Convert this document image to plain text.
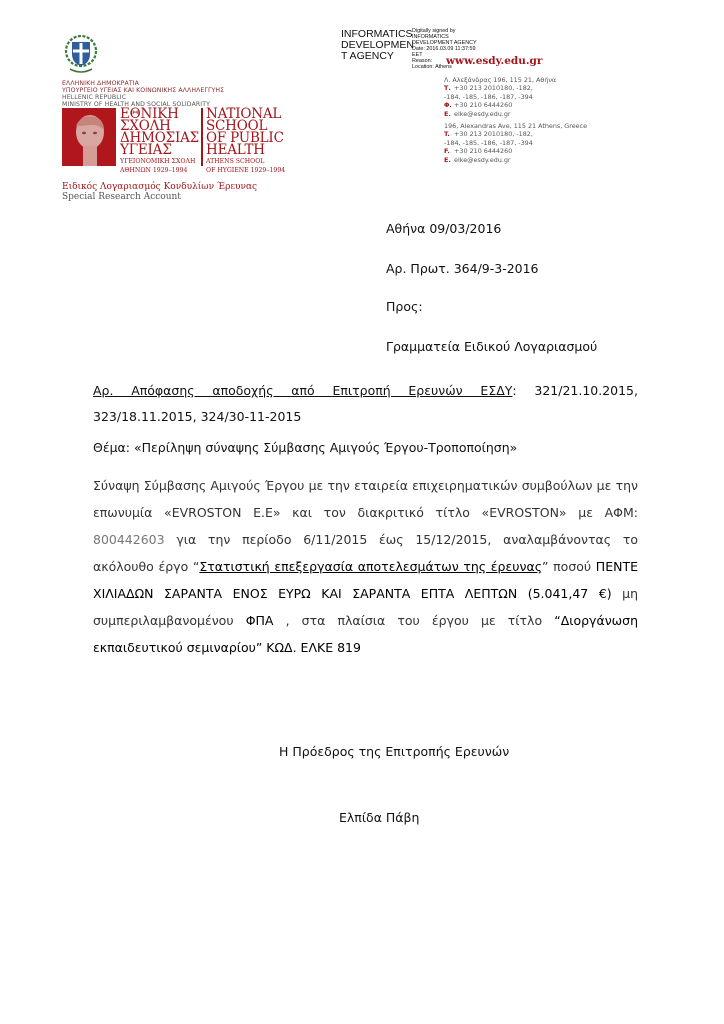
ΕΛΛΗΝΙΚΗ ΔΗΜΟΚΡΑΤΙΑ
ΥΠΟΥΡΓΕΙΟ ΥΓΕΙΑΣ ΚΑΙ ΚΟΙΝΩΝΙΚΗΣ ΑΛΛΗΛΕΓΓΥΗΣ
HELLENIC REPUBLIC
MINISTRY OF HEALTH AND SOCIAL SOLIDARITY
ΕΘΝΙΚΗ
ΣΧΟΛΗ
ΔΗΜΟΣΙΑΣ
ΥΓΕΙΑΣ
ΥΓΕΙΟΝΟΜΙΚΗ ΣΧΟΛΗ
ΑΘΗΝΩΝ 1929–1994
NATIONAL
SCHOOL
OF PUBLIC
HEALTH
ATHENS SCHOOL
OF HYGIENE 1929–1994
Ειδικός Λογαριασμός Κονδυλίων Έρευνας
Special Research Account
INFORMATICS
DEVELOPMEN
T AGENCY
Digitally signed by
INFORMATICS
DEVELOPMENT AGENCY
Date: 2016.03.09 11:37:59
EET
Reason:
Location: Athens
www.esdy.edu.gr
Λ. Αλεξάνδρας 196, 115 21, Αθήνα
Τ. +30 213 2010180, -182,
-184, -185, -186, -187, -394
Φ. +30 210 6444260
Ε. elke@esdy.edu.gr
196, Alexandras Ave, 115 21 Athens, Greece
T. +30 213 2010180, -182,
-184, -185, -186, -187, -394
F. +30 210 6444260
E. elke@esdy.edu.gr
Αθήνα 09/03/2016
Αρ. Πρωτ. 364/9-3-2016
Προς:
Γραμματεία Ειδικού Λογαριασμού
Αρ. Απόφασης αποδοχής από Επιτροπή Ερευνών ΕΣΔΥ: 321/21.10.2015, 323/18.11.2015, 324/30-11-2015
Θέμα: «Περίληψη σύναψης Σύμβασης Αμιγούς Έργου-Τροποποίηση»
Σύναψη Σύμβασης Αμιγούς Έργου με την εταιρεία επιχειρηματικών συμβούλων με την επωνυμία «EVROSTON E.E» και τον διακριτικό τίτλο «EVROSTON» με ΑΦΜ: 800442603 για την περίοδο 6/11/2015 έως 15/12/2015, αναλαμβάνοντας το ακόλουθο έργο “Στατιστική επεξεργασία αποτελεσμάτων της έρευνας” ποσού ΠΕΝΤΕ ΧΙΛΙΑΔΩΝ ΣΑΡΑΝΤΑ ΕΝΟΣ ΕΥΡΩ ΚΑΙ ΣΑΡΑΝΤΑ ΕΠΤΑ ΛΕΠΤΩΝ (5.041,47 €) μη συμπεριλαμβανομένου ΦΠΑ , στα πλαίσια του έργου με τίτλο “Διοργάνωση εκπαιδευτικού σεμιναρίου” ΚΩΔ. ΕΛΚΕ 819
Η Πρόεδρος της Επιτροπής Ερευνών
Ελπίδα Πάβη
